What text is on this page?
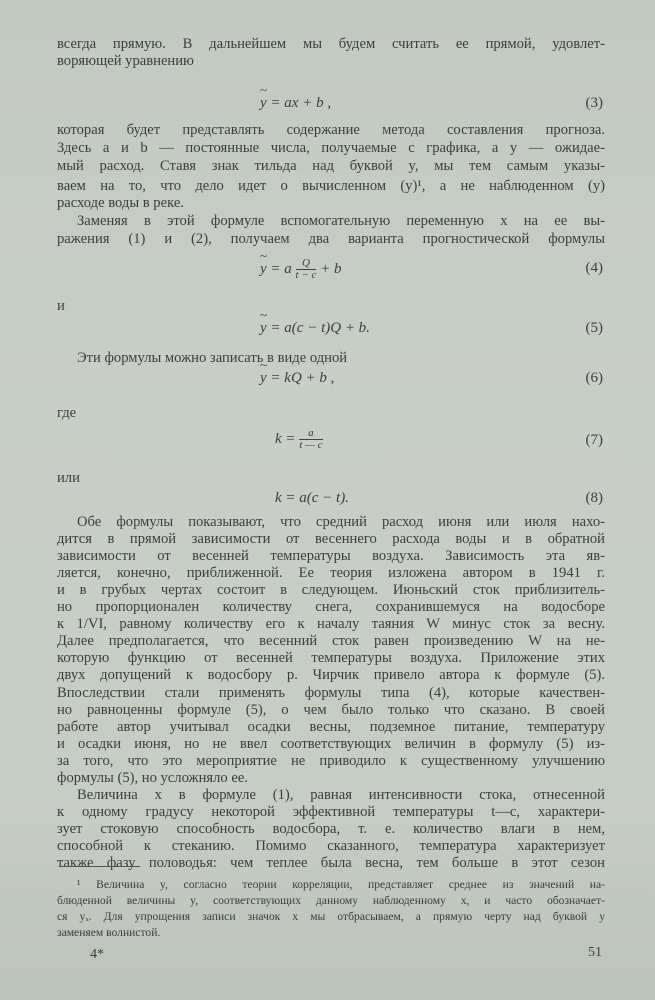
всегда прямую. В дальнейшем мы будем считать ее прямой, удовлет-
воряющей уравнению
~ y = ax + b ,	(3)
которая будет представлять содержание метода составления прогноза.
Здесь a и b — постоянные числа, получаемые с графика, а y — ожидае-
мый расход. Ставя знак тильда над буквой y, мы тем самым указы-
ваем на то, что дело идет о вычисленном (y)¹, а не наблюденном (y)
расходе воды в реке.
Заменяя в этой формуле вспомогательную переменную x на ее вы-
ражения (1) и (2), получаем два варианта прогностической формулы
~ y = a $\frac{Q}{t - c} + b$	(4)
и
~ y = a(c − t)Q + b.	(5)
Эти формулы можно записать в виде одной
~ y = kQ + b ,	(6)
где
$k = \frac{a}{t — c}$	(7)
или
k = a(c − t).	(8)
Обе формулы показывают, что средний расход июня или июля нахо-
дится в прямой зависимости от весеннего расхода воды и в обратной
зависимости от весенней температуры воздуха. Зависимость эта яв-
ляется, конечно, приближенной. Ее теория изложена автором в 1941 г.
и в грубых чертах состоит в следующем. Июньский сток приблизитель-
но пропорционален количеству снега, сохранившемуся на водосборе
к 1/VI, равному количеству его к началу таяния W минус сток за весну.
Далее предполагается, что весенний сток равен произведению W на не-
которую функцию от весенней температуры воздуха. Приложение этих
двух допущений к водосбору р. Чирчик привело автора к формуле (5).
Впоследствии стали применять формулы типа (4), которые качествен-
но равноценны формуле (5), о чем было только что сказано. В своей
работе автор учитывал осадки весны, подземное питание, температуру
и осадки июня, но не ввел соответствующих величин в формулу (5) из-
за того, что это мероприятие не приводило к существенному улучшению
формулы (5), но усложняло ее.
Величина x в формуле (1), равная интенсивности стока, отнесенной
к одному градусу некоторой эффективной температуры t—c, характери-
зует стоковую способность водосбора, т. е. количество влаги в нем,
способной к стеканию. Помимо сказанного, температура характеризует
также фазу половодья: чем теплее была весна, тем больше в этот сезон
¹ Величина y, согласно теории корреляции, представляет среднее из значений на-
блюденной величины y, соответствующих данному наблюденному x, и часто обозначает-
ся yₓ. Для упрощения записи значок x мы отбрасываем, а прямую черту над буквой y
заменяем волнистой.
4*	51
